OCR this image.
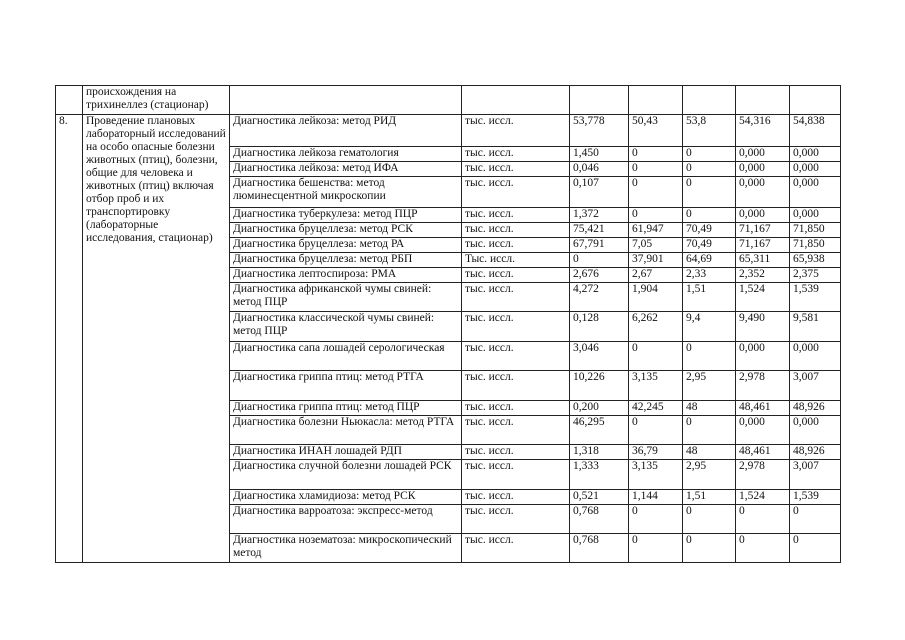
	происхождения на трихинеллез (стационар)							
8.	Проведение плановых лабораторный исследований на особо опасные болезни животных (птиц), болезни, общие для человека и животных (птиц) включая отбор проб и их транспортировку (лабораторные исследования, стационар)	Диагностика лейкоза: метод РИД	тыс. иссл.	53,778	50,43	53,8	54,316	54,838
		Диагностика лейкоза гематология	тыс. иссл.	1,450	0	0	0,000	0,000
		Диагностика лейкоза: метод ИФА	тыс. иссл.	0,046	0	0	0,000	0,000
		Диагностика бешенства: метод люминесцентной микроскопии	тыс. иссл.	0,107	0	0	0,000	0,000
		Диагностика туберкулеза: метод ПЦР	тыс. иссл.	1,372	0	0	0,000	0,000
		Диагностика бруцеллеза: метод РСК	тыс. иссл.	75,421	61,947	70,49	71,167	71,850
		Диагностика бруцеллеза: метод РА	тыс. иссл.	67,791	7,05	70,49	71,167	71,850
		Диагностика бруцеллеза: метод РБП	Тыс. иссл.	0	37,901	64,69	65,311	65,938
		Диагностика лептоспироза: РМА	тыс. иссл.	2,676	2,67	2,33	2,352	2,375
		Диагностика африканской чумы свиней: метод ПЦР	тыс. иссл.	4,272	1,904	1,51	1,524	1,539
		Диагностика классической чумы свиней: метод ПЦР	тыс. иссл.	0,128	6,262	9,4	9,490	9,581
		Диагностика сапа лошадей серологическая	тыс. иссл.	3,046	0	0	0,000	0,000
		Диагностика гриппа птиц: метод РТГА	тыс. иссл.	10,226	3,135	2,95	2,978	3,007
		Диагностика гриппа птиц: метод ПЦР	тыс. иссл.	0,200	42,245	48	48,461	48,926
		Диагностика болезни Ньюкасла: метод РТГА	тыс. иссл.	46,295	0	0	0,000	0,000
		Диагностика ИНАН лошадей РДП	тыс. иссл.	1,318	36,79	48	48,461	48,926
		Диагностика случной болезни лошадей РСК	тыс. иссл.	1,333	3,135	2,95	2,978	3,007
		Диагностика хламидиоза: метод РСК	тыс. иссл.	0,521	1,144	1,51	1,524	1,539
		Диагностика варроатоза: экспресс-метод	тыс. иссл.	0,768	0	0	0	0
		Диагностика нозематоза: микроскопический метод	тыс. иссл.	0,768	0	0	0	0
